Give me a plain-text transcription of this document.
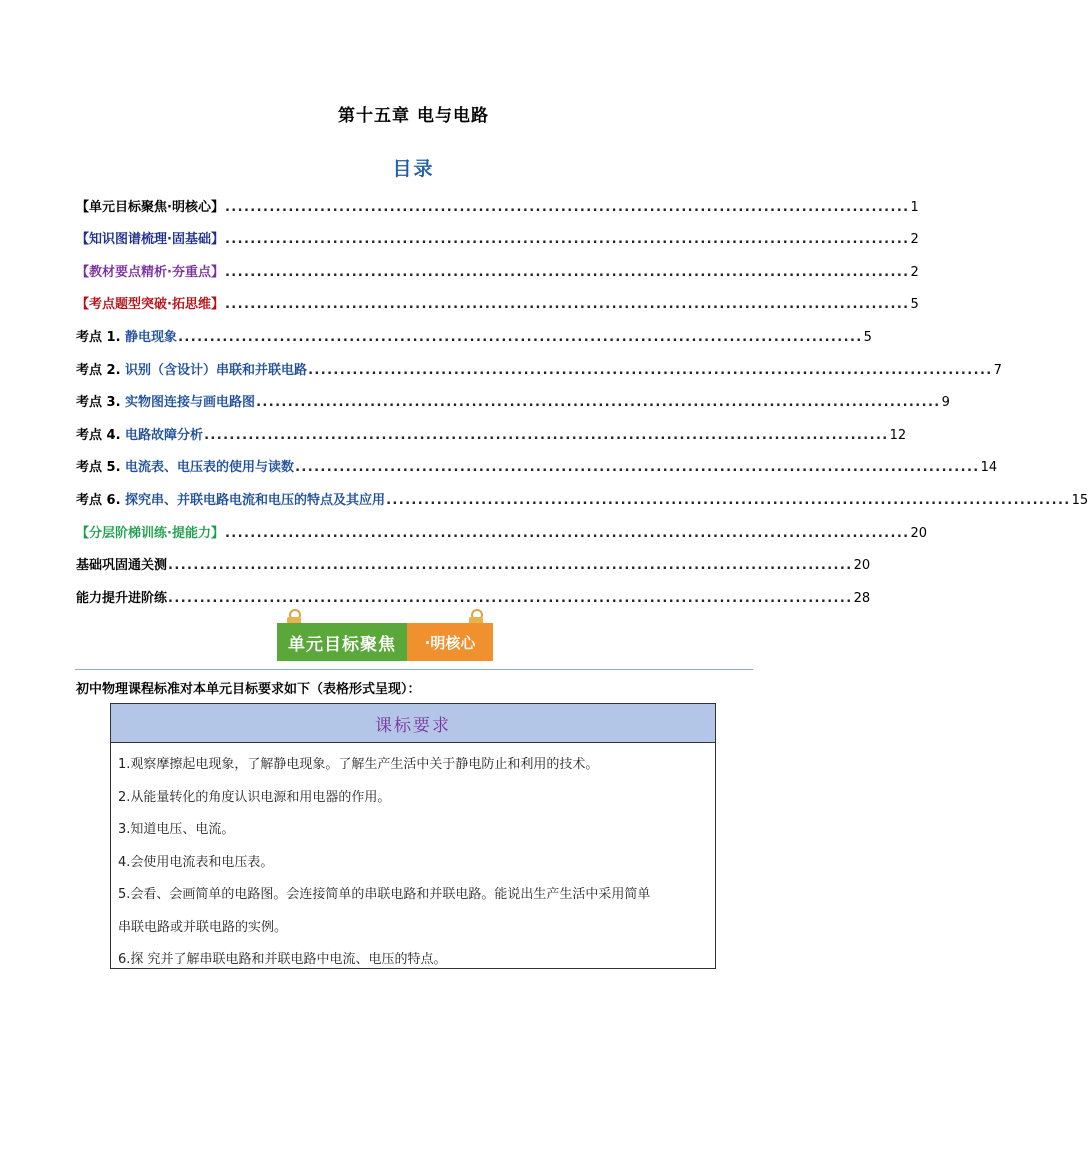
第十五章 电与电路
目录
【单元目标聚焦·明核心】 ............................................................................................................ 1
【知识图谱梳理·固基础】 ............................................................................................................ 2
【教材要点精析·夯重点】 ............................................................................................................ 2
【考点题型突破·拓思维】 ............................................................................................................ 5
考点 1. 静电现象 ............................................................................................................ 5
考点 2. 识别（含设计）串联和并联电路 ............................................................................................................ 7
考点 3. 实物图连接与画电路图 ............................................................................................................ 9
考点 4. 电路故障分析 ............................................................................................................ 12
考点 5. 电流表、电压表的使用与读数 ............................................................................................................ 14
考点 6. 探究串、并联电路电流和电压的特点及其应用 ............................................................................................................ 15
【分层阶梯训练·提能力】 ............................................................................................................ 20
基础巩固通关测 ............................................................................................................ 20
能力提升进阶练 ............................................................................................................ 28
单元目标聚焦	·明核心
初中物理课程标准对本单元目标要求如下（表格形式呈现）：
课标要求
1.观察摩擦起电现象，了解静电现象。了解生产生活中关于静电防止和利用的技术。
2.从能量转化的角度认识电源和用电器的作用。
3.知道电压、电流。
4.会使用电流表和电压表。
5.会看、会画简单的电路图。会连接简单的串联电路和并联电路。能说出生产生活中采用简单
串联电路或并联电路的实例。
6.探 究并了解串联电路和并联电路中电流、电压的特点。
